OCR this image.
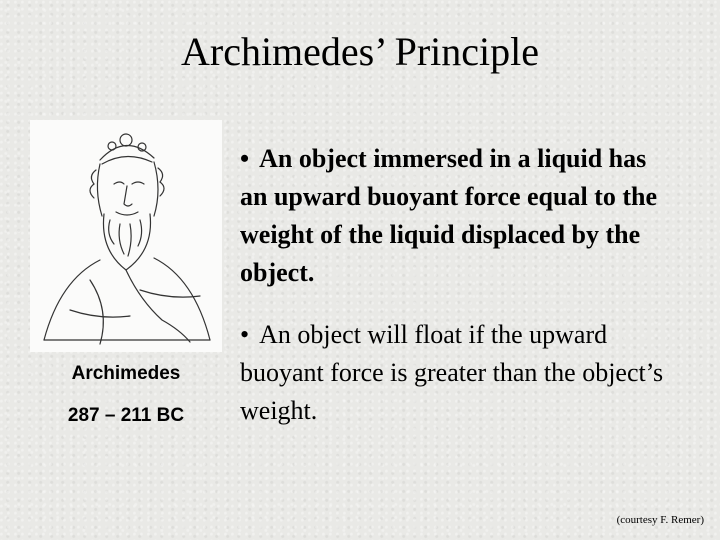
Archimedes’ Principle
Archimedes
287 – 211 BC
• An object immersed in a liquid has an upward buoyant force equal to the weight of the liquid displaced by the object.
• An object will float if the upward buoyant force is greater than the object’s weight.
(courtesy F. Remer)
